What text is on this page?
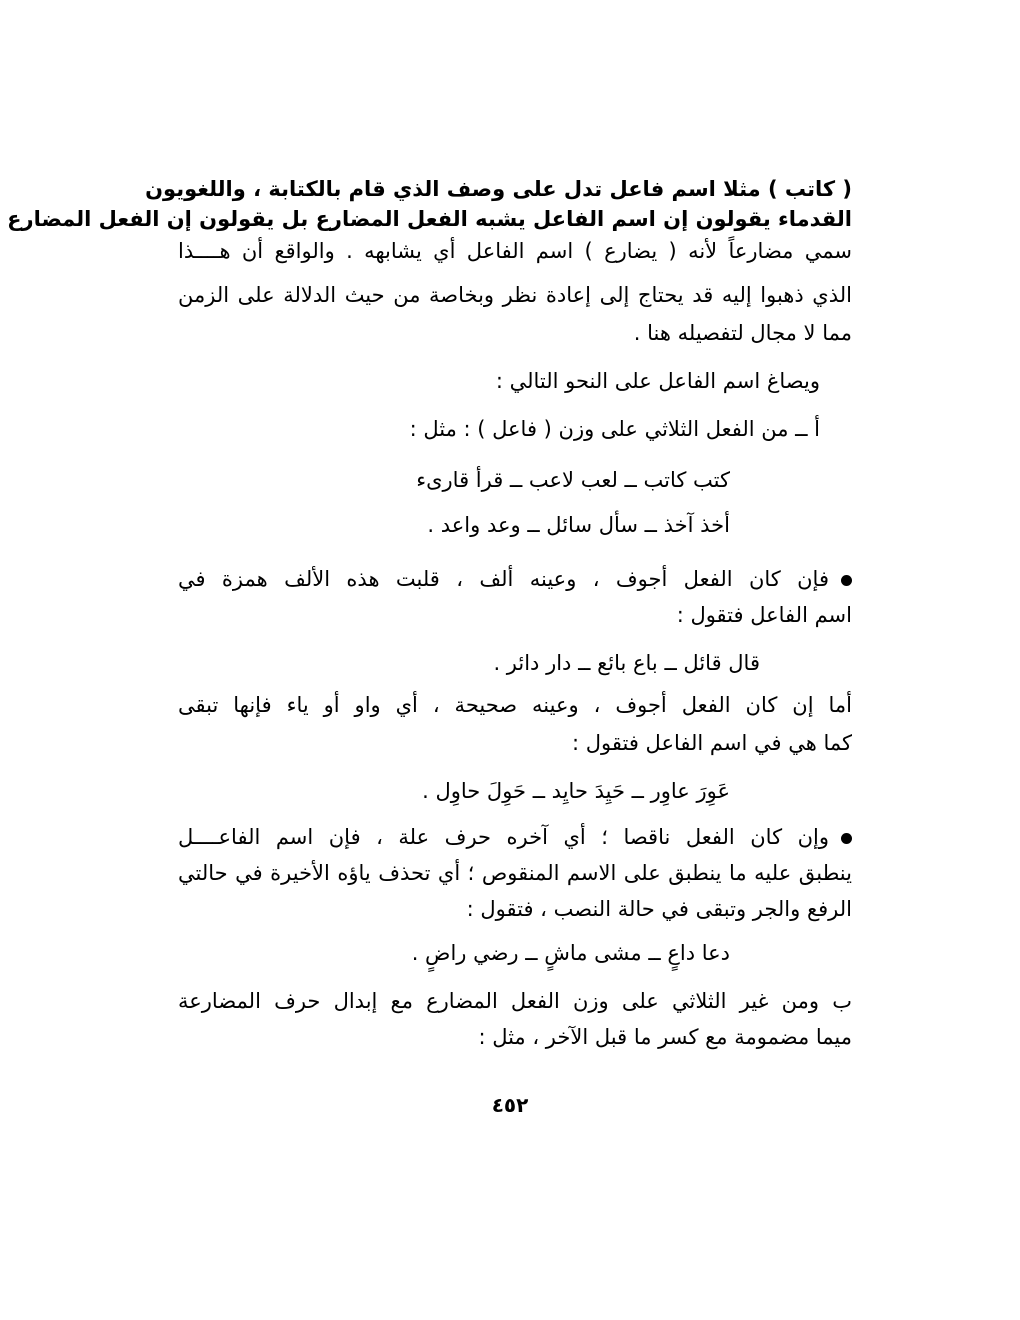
( كاتب ) مثلا اسم فاعل تدل على وصف الذي قام بالكتابة ، واللغويون
القدماء يقولون إن اسم الفاعل يشبه الفعل المضارع بل يقولون إن الفعل المضارع
سمي مضارعاً لأنه ( يضارع ) اسم الفاعل أي يشابهه . والواقع أن هــــذا
الذي ذهبوا إليه قد يحتاج إلى إعادة نظر وبخاصة من حيث الدلالة على الزمن
مما لا مجال لتفصيله هنا .
ويصاغ اسم الفاعل على النحو التالي :
أ ــ من الفعل الثلاثي على وزن ( فاعل ) : مثل :
كتب كاتب ــ لعب لاعب ــ قرأ قارىء
أخذ آخذ ــ سأل سائل ــ وعد واعد .
فإن كان الفعل أجوف ، وعينه ألف ، قلبت هذه الألف همزة في
اسم الفاعل فتقول :
قال قائل ــ باع بائع ــ دار دائر .
أما إن كان الفعل أجوف ، وعينه صحيحة ، أي واو أو ياء فإنها تبقى
كما هي في اسم الفاعل فتقول :
عَوِرَ عاوِر ــ حَيِدَ حايِد ــ حَوِلَ حاوِل .
وإن كان الفعل ناقصا ؛ أي آخره حرف علة ، فإن اسم الفاعــــل
ينطبق عليه ما ينطبق على الاسم المنقوص ؛ أي تحذف ياؤه الأخيرة في حالتي
الرفع والجر وتبقى في حالة النصب ، فتقول :
دعا داعٍ ــ مشى ماشٍ ــ رضي راضٍ .
ب ومن غير الثلاثي على وزن الفعل المضارع مع إبدال حرف المضارعة
ميما مضمومة مع كسر ما قبل الآخر ، مثل :
٤٥٢
